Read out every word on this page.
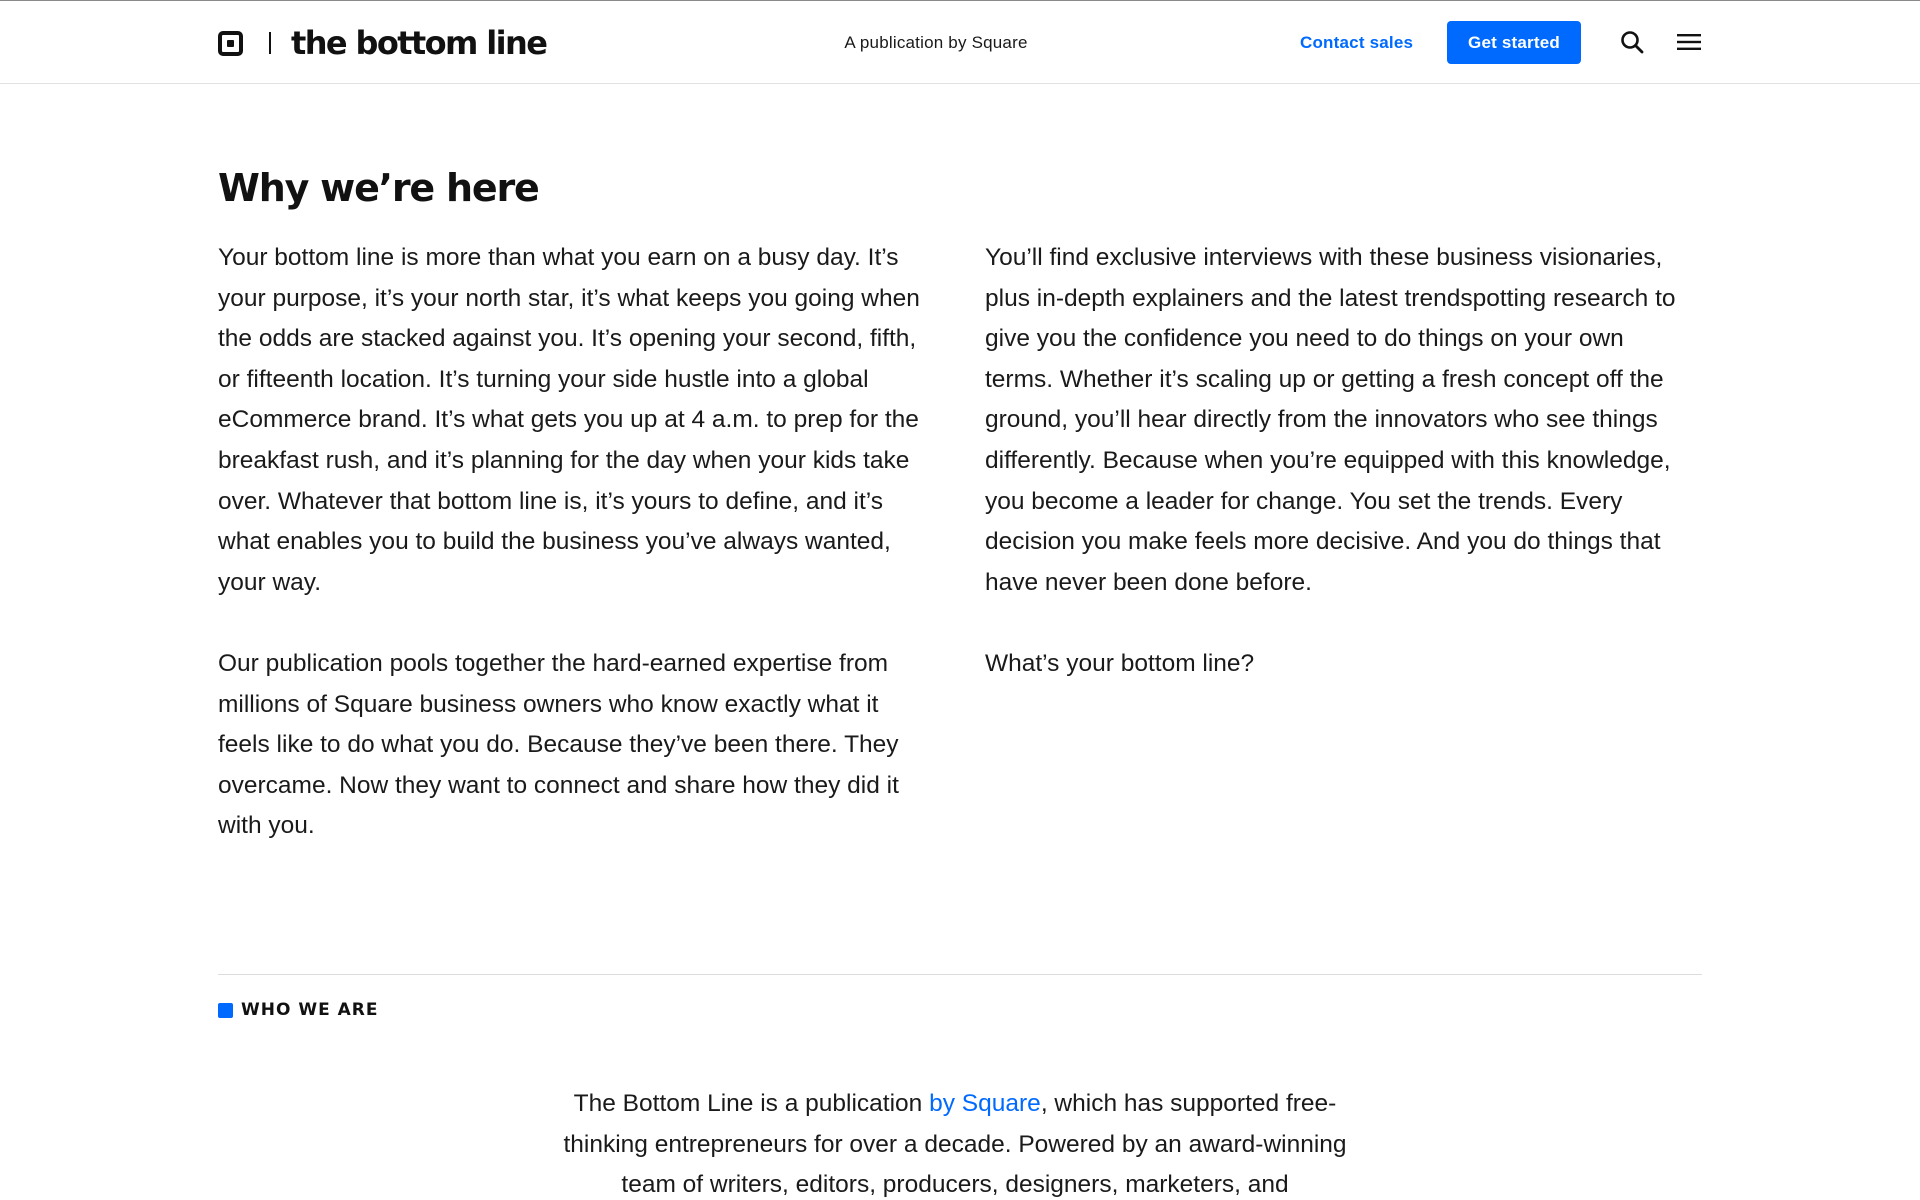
the bottom line	A publication by Square	Contact sales	Get started
Why we’re here

Your bottom line is more than what you earn on a busy day. It’s your purpose, it’s your north star, it’s what keeps you going when the odds are stacked against you. It’s opening your second, fifth, or fifteenth location. It’s turning your side hustle into a global eCommerce brand. It’s what gets you up at 4 a.m. to prep for the breakfast rush, and it’s planning for the day when your kids take over. Whatever that bottom line is, it’s yours to define, and it’s what enables you to build the business you’ve always wanted, your way.

Our publication pools together the hard-earned expertise from millions of Square business owners who know exactly what it feels like to do what you do. Because they’ve been there. They overcame. Now they want to connect and share how they did it with you.

You’ll find exclusive interviews with these business visionaries, plus in-depth explainers and the latest trendspotting research to give you the confidence you need to do things on your own terms. Whether it’s scaling up or getting a fresh concept off the ground, you’ll hear directly from the innovators who see things differently. Because when you’re equipped with this knowledge, you become a leader for change. You set the trends. Every decision you make feels more decisive. And you do things that have never been done before.

What’s your bottom line?

WHO WE ARE

The Bottom Line is a publication by Square, which has supported free-thinking entrepreneurs for over a decade. Powered by an award-winning team of writers, editors, producers, designers, marketers, and
